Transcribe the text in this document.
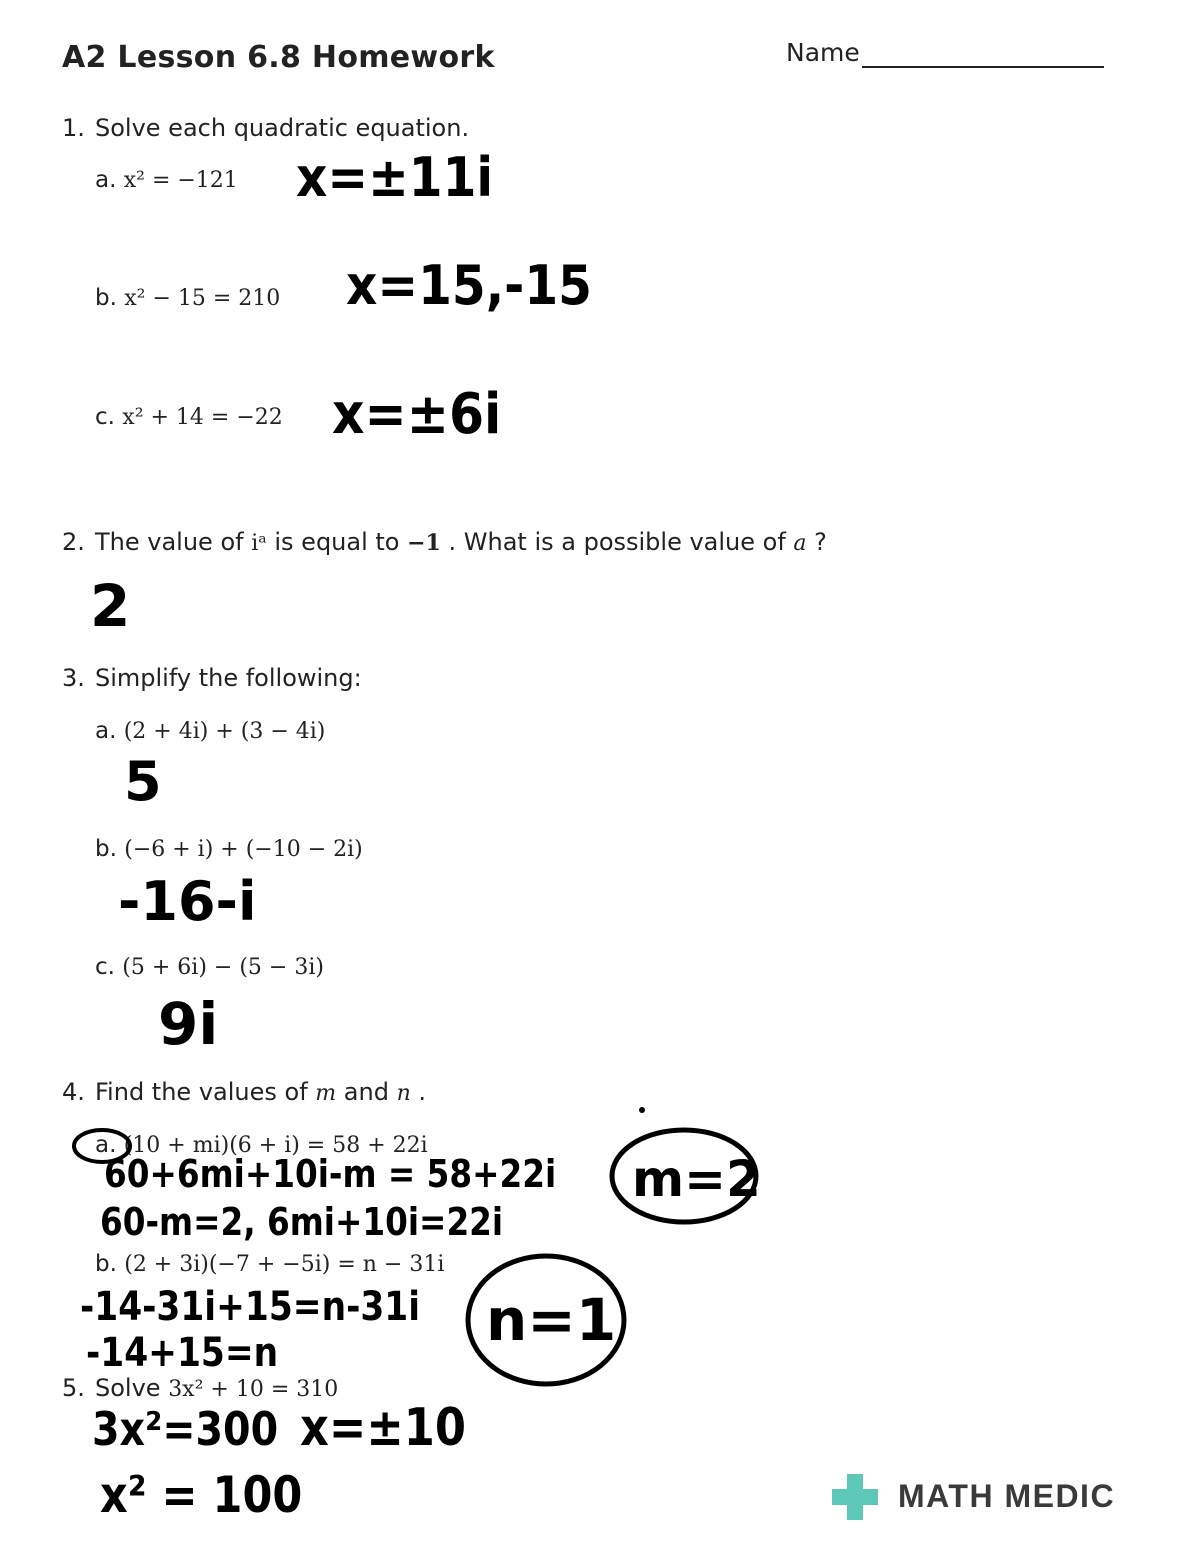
A2 Lesson 6.8 Homework	Name
1. Solve each quadratic equation.
a. x² = −121 x=±11i
b. x² − 15 = 210 x=15,-15
c. x² + 14 = −22 x=±6i
2. The value of iᵃ is equal to −1 . What is a possible value of a ?
2
3. Simplify the following:
a. (2 + 4i) + (3 − 4i)
5
b. (−6 + i) + (−10 − 2i)
-16-i
c. (5 + 6i) − (5 − 3i)
9i
4. Find the values of m and n .
a. (10 + mi)(6 + i) = 58 + 22i
60+6mi+10i-m = 58+22i
60-m=2, 6mi+10i=22i
m=2
b. (2 + 3i)(−7 + −5i) = n − 31i
-14-31i+15=n-31i
-14+15=n	n=1
5. Solve 3x² + 10 = 310
3x²=300 x=±10
x² = 100	MATH MEDIC
